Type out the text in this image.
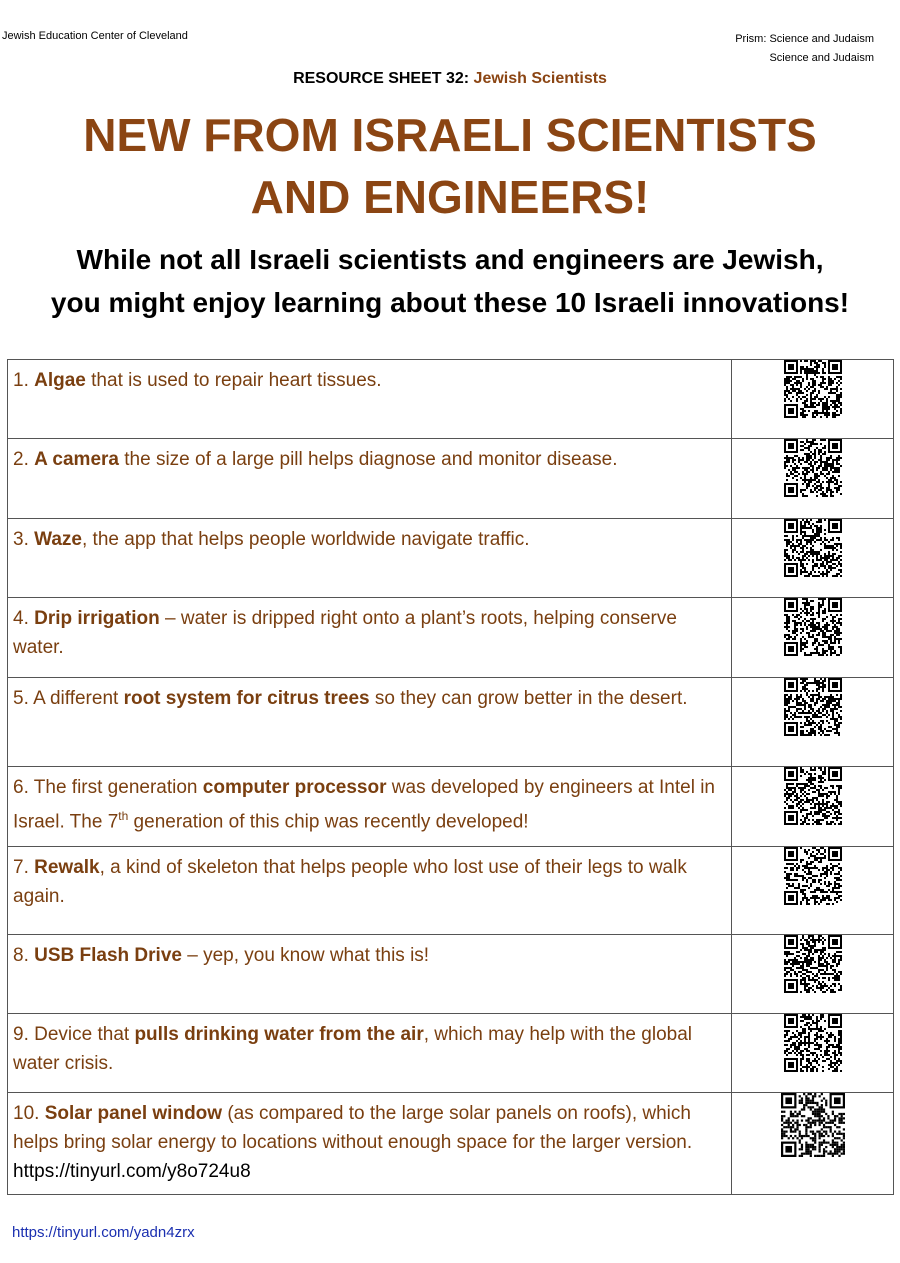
Jewish Education Center of Cleveland	Prism: Science and Judaism
Science and Judaism
RESOURCE SHEET 32: Jewish Scientists
NEW FROM ISRAELI SCIENTISTS
AND ENGINEERS!
While not all Israeli scientists and engineers are Jewish,
you might enjoy learning about these 10 Israeli innovations!
1. Algae that is used to repair heart tissues.	
2. A camera the size of a large pill helps diagnose and monitor disease.	
3. Waze, the app that helps people worldwide navigate traffic.	
4. Drip irrigation – water is dripped right onto a plant’s roots, helping conserve       water.	
5. A different root system for citrus trees so they can grow better in the desert.	
6. The first generation computer processor was developed by engineers at Intel in Israel. The 7th generation of this chip was recently developed!	
7. Rewalk, a kind of skeleton that helps people who lost use of their legs to walk again.	
8. USB Flash Drive – yep, you know what this is!	
9. Device that pulls drinking water from the air, which may help with the global water crisis.	
10. Solar panel window (as compared to the large solar panels on roofs), which helps bring solar energy to locations without enough space for the larger version. https://tinyurl.com/y8o724u8	
https://tinyurl.com/yadn4zrx
